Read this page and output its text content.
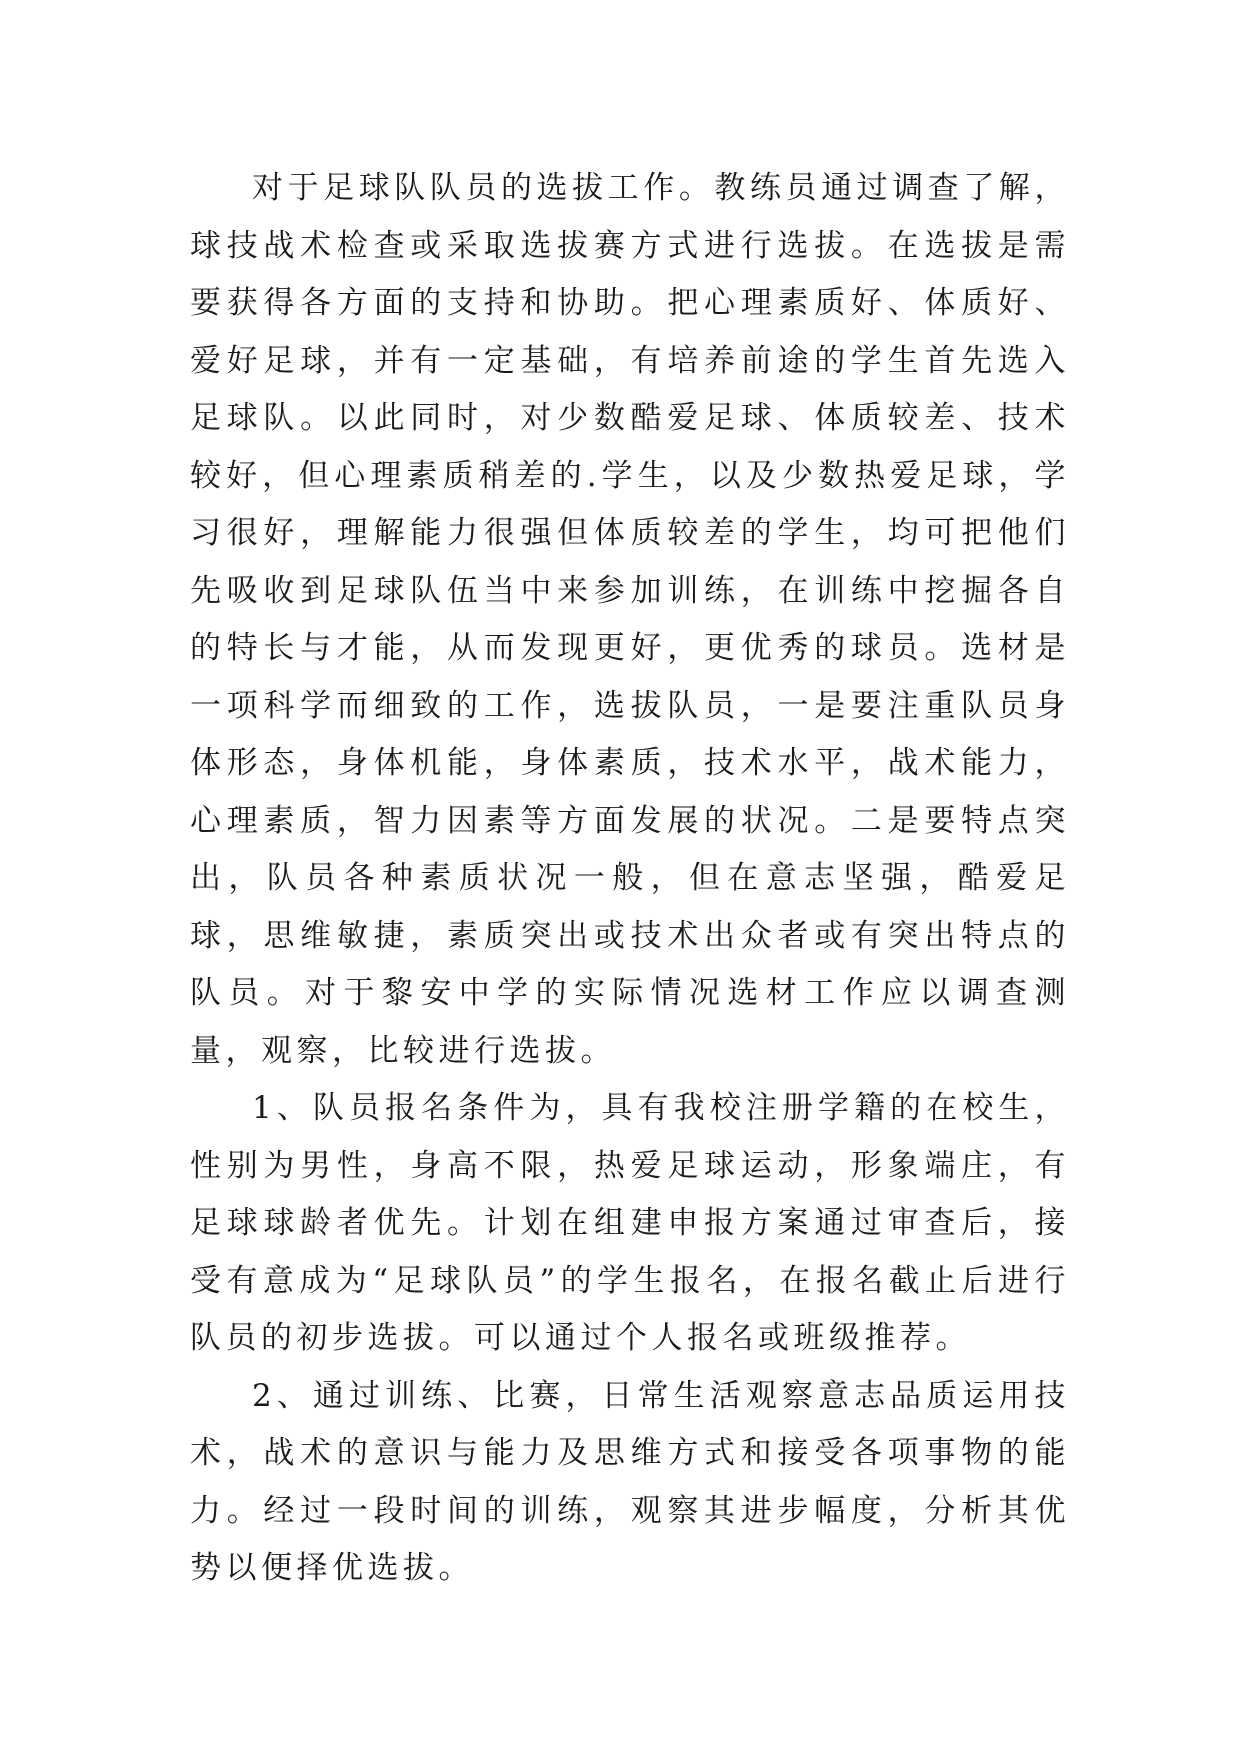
对于足球队队员的选拔工作。教练员通过调查了解，球技战术检查或采取选拔赛方式进行选拔。在选拔是需要获得各方面的支持和协助。把心理素质好、体质好、爱好足球，并有一定基础，有培养前途的学生首先选入足球队。以此同时，对少数酷爱足球、体质较差、技术较好，但心理素质稍差的.学生，以及少数热爱足球，学习很好，理解能力很强但体质较差的学生，均可把他们先吸收到足球队伍当中来参加训练，在训练中挖掘各自的特长与才能，从而发现更好，更优秀的球员。选材是一项科学而细致的工作，选拔队员，一是要注重队员身体形态，身体机能，身体素质，技术水平，战术能力，心理素质，智力因素等方面发展的状况。二是要特点突出，队员各种素质状况一般，但在意志坚强，酷爱足球，思维敏捷，素质突出或技术出众者或有突出特点的队员。对于黎安中学的实际情况选材工作应以调查测量，观察，比较进行选拔。

1、队员报名条件为，具有我校注册学籍的在校生，性别为男性，身高不限，热爱足球运动，形象端庄，有足球球龄者优先。计划在组建申报方案通过审查后，接受有意成为“足球队员”的学生报名，在报名截止后进行队员的初步选拔。可以通过个人报名或班级推荐。

2、通过训练、比赛，日常生活观察意志品质运用技术，战术的意识与能力及思维方式和接受各项事物的能力。经过一段时间的训练，观察其进步幅度，分析其优势以便择优选拔。
